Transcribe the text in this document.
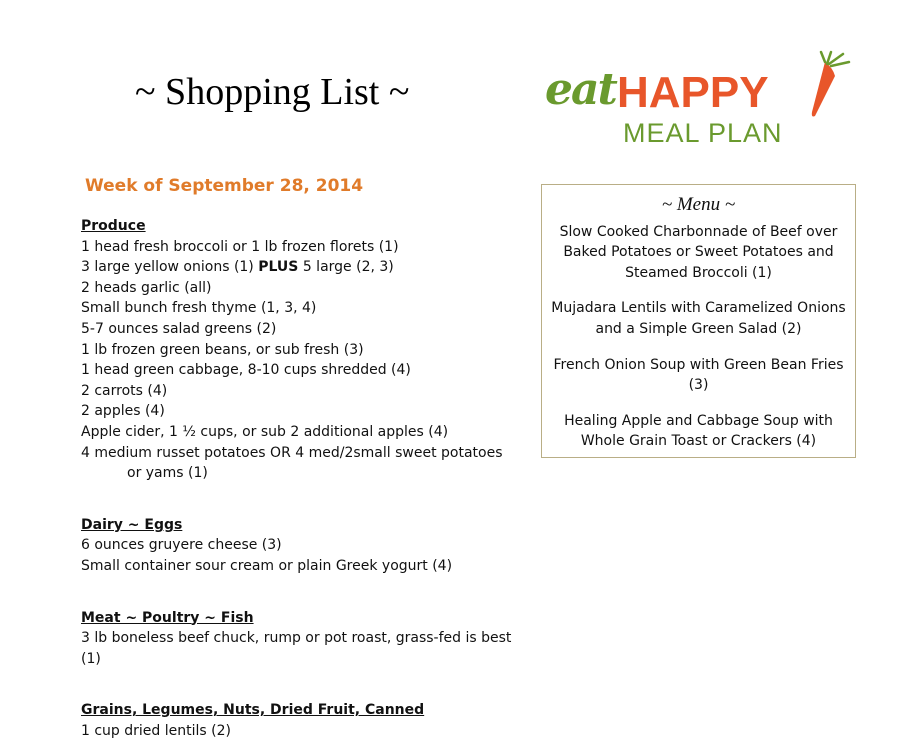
~ Shopping List ~	eat HAPPY
MEAL PLAN
Week of September 28, 2014
Produce
1 head fresh broccoli or 1 lb frozen florets (1)
3 large yellow onions (1) PLUS 5 large (2, 3)
2 heads garlic (all)
Small bunch fresh thyme (1, 3, 4)
5-7 ounces salad greens (2)
1 lb frozen green beans, or sub fresh (3)
1 head green cabbage, 8-10 cups shredded (4)
2 carrots (4)
2 apples (4)
Apple cider, 1 ½ cups, or sub 2 additional apples (4)
4 medium russet potatoes OR 4 med/2small sweet potatoes
or yams (1)
Dairy ~ Eggs
6 ounces gruyere cheese (3)
Small container sour cream or plain Greek yogurt (4)
Meat ~ Poultry ~ Fish
3 lb boneless beef chuck, rump or pot roast, grass-fed is best (1)
Grains, Legumes, Nuts, Dried Fruit, Canned
1 cup dried lentils (2)
~ Menu ~
Slow Cooked Charbonnade of Beef over Baked Potatoes or Sweet Potatoes and Steamed Broccoli (1)
Mujadara Lentils with Caramelized Onions and a Simple Green Salad (2)
French Onion Soup with Green Bean Fries (3)
Healing Apple and Cabbage Soup with Whole Grain Toast or Crackers (4)
